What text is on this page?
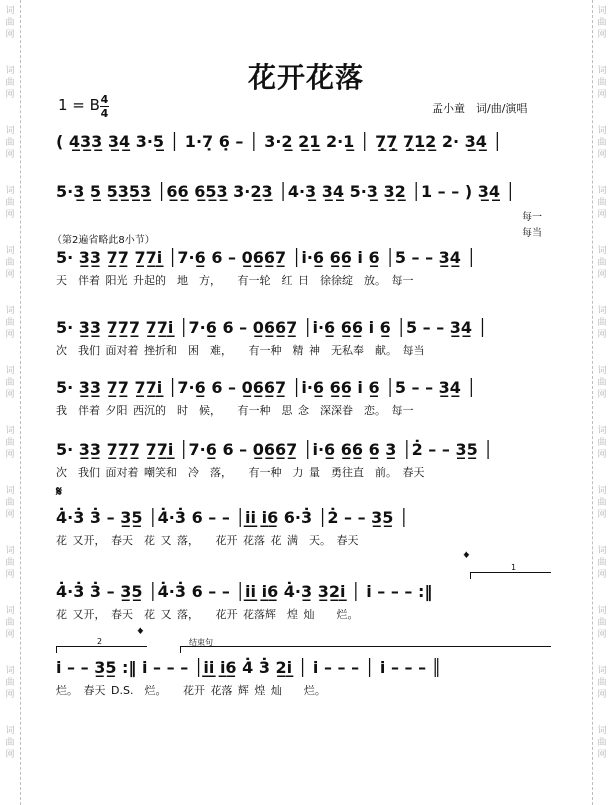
词
曲
网
词
曲
网
词
曲
网
词
曲
网
词
曲
网
词
曲
网
词
曲
网
词
曲
网
词
曲
网
词
曲
网
词
曲
网
词
曲
网
词
曲
网
词
曲
网
词
曲
网
词
曲
网
词
曲
网
词
曲
网
词
曲
网
词
曲
网
词
曲
网
词
曲
网
词
曲
网
词
曲
网
词
曲
网
词
曲
网
花开花落
1 = B 4
4	孟小童　词/曲/演唱
( 4̲3̲3̲ 3̲4̲ 3·5̲ │ 1·7̣ 6̣ – │ 3·2̲ 2̲1̲ 2·1̲ │ 7̣̲7̣̲ 7̣̲1̲2̲ 2· 3̲4̲ │
5·3̲ 5̲ 5̲3̲5̲3̲ │6̲6̲ 6̲5̲3̲ 3·2̲3̲ │4·3̲ 3̲4̲ 5·3̲ 3̲2̲ │1 – – ) 3̲4̲ │
每一
每当
（第2遍省略此8小节）
5· 3̲3̲ 7̲7̲ 7̲7̲i̲ │7·6̲ 6 – 0̲6̲6̲7̲ │i·6̲ 6̲6̲ i 6̲ │5 – – 3̲4̲ │
天　伴着 阳光 升起的　地　方，　　有一轮　红 日　徐徐绽　放。　每一
5· 3̲3̲ 7̲7̲7̲ 7̲7̲i̲ │7·6̲ 6 – 0̲6̲6̲7̲ │i·6̲ 6̲6̲ i 6̲ │5 – – 3̲4̲ │
次　我们 面对着 挫折和　困　难，　　有一种　精 神　无私奉　献。　每当
5· 3̲3̲ 7̲7̲ 7̲7̲i̲ │7·6̲ 6 – 0̲6̲6̲7̲ │i·6̲ 6̲6̲ i 6̲ │5 – – 3̲4̲ │
我　伴着 夕阳 西沉的　时　候，　　有一种　思 念　深深眷　恋。　每一
5· 3̲3̲ 7̲7̲7̲ 7̲7̲i̲ │7·6̲ 6 – 0̲6̲6̲7̲ │i·6̲ 6̲6̲ 6̲ 3̲ │2̇ – – 3̲5̲ │
次　我们 面对着 嘲笑和　冷　落，　　有一种　力 量　勇往直　前。　春天
𝄋
4̇·3̇ 3̇ – 3̲5̲ │4̇·3̇ 6 – – │i̲i̲ i̲6̲ 6·3̇ │2̇ – – 3̲5̲ │
花 又开，　春天　花 又 落，　　花开 花落 花 满　天。　春天
𝄌
1
4̇·3̇ 3̇ – 3̲5̲ │4̇·3̇ 6 – – │i̲i̲ i̲6̲ 4̇·3̲ 3̲2̲i̲ │ i – – – :‖
花 又开，　春天　花 又 落，　　花开 花落辉　煌 灿　　烂。
𝄌
2	结束句
i – – 3̲5̲ :‖ i – – – │i̲i̲ i̲6̲ 4̇ 3̇ 2̲i̲ │ i – – – │ i – – – ║
烂。　春天 D.S.　烂。　　花开 花落 辉 煌 灿　　烂。
